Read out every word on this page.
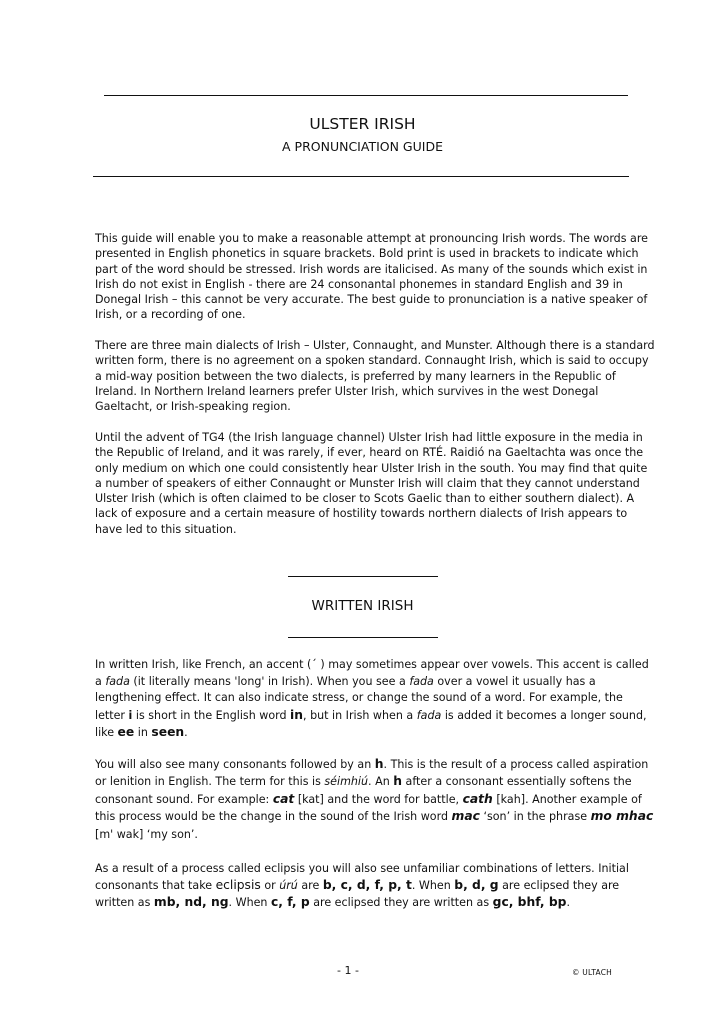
ULSTER IRISH
A PRONUNCIATION GUIDE

This guide will enable you to make a reasonable attempt at pronouncing Irish words. The words are presented in English phonetics in square brackets. Bold print is used in brackets to indicate which part of the word should be stressed. Irish words are italicised. As many of the sounds which exist in Irish do not exist in English - there are 24 consonantal phonemes in standard English and 39 in Donegal Irish – this cannot be very accurate. The best guide to pronunciation is a native speaker of Irish, or a recording of one.

There are three main dialects of Irish – Ulster, Connaught, and Munster. Although there is a standard written form, there is no agreement on a spoken standard. Connaught Irish, which is said to occupy a mid-way position between the two dialects, is preferred by many learners in the Republic of Ireland. In Northern Ireland learners prefer Ulster Irish, which survives in the west Donegal Gaeltacht, or Irish-speaking region.

Until the advent of TG4 (the Irish language channel) Ulster Irish had little exposure in the media in the Republic of Ireland, and it was rarely, if ever, heard on RTÉ. Raidió na Gaeltachta was once the only medium on which one could consistently hear Ulster Irish in the south. You may find that quite a number of speakers of either Connaught or Munster Irish will claim that they cannot understand Ulster Irish (which is often claimed to be closer to Scots Gaelic than to either southern dialect). A lack of exposure and a certain measure of hostility towards northern dialects of Irish appears to have led to this situation.

WRITTEN IRISH

In written Irish, like French, an accent (´ ) may sometimes appear over vowels. This accent is called a fada (it literally means 'long' in Irish). When you see a fada over a vowel it usually has a lengthening effect. It can also indicate stress, or change the sound of a word. For example, the letter i is short in the English word in, but in Irish when a fada is added it becomes a longer sound, like ee in seen.

You will also see many consonants followed by an h. This is the result of a process called aspiration or lenition in English. The term for this is séimhiú. An h after a consonant essentially softens the consonant sound. For example: cat [kat] and the word for battle, cath [kah]. Another example of this process would be the change in the sound of the Irish word mac ‘son’ in the phrase mo mhac [m' wak] ‘my son’.

As a result of a process called eclipsis you will also see unfamiliar combinations of letters. Initial consonants that take eclipsis or úrú are b, c, d, f, p, t. When b, d, g are eclipsed they are written as mb, nd, ng. When c, f, p are eclipsed they are written as gc, bhf, bp.

- 1 -	© ULTACH
